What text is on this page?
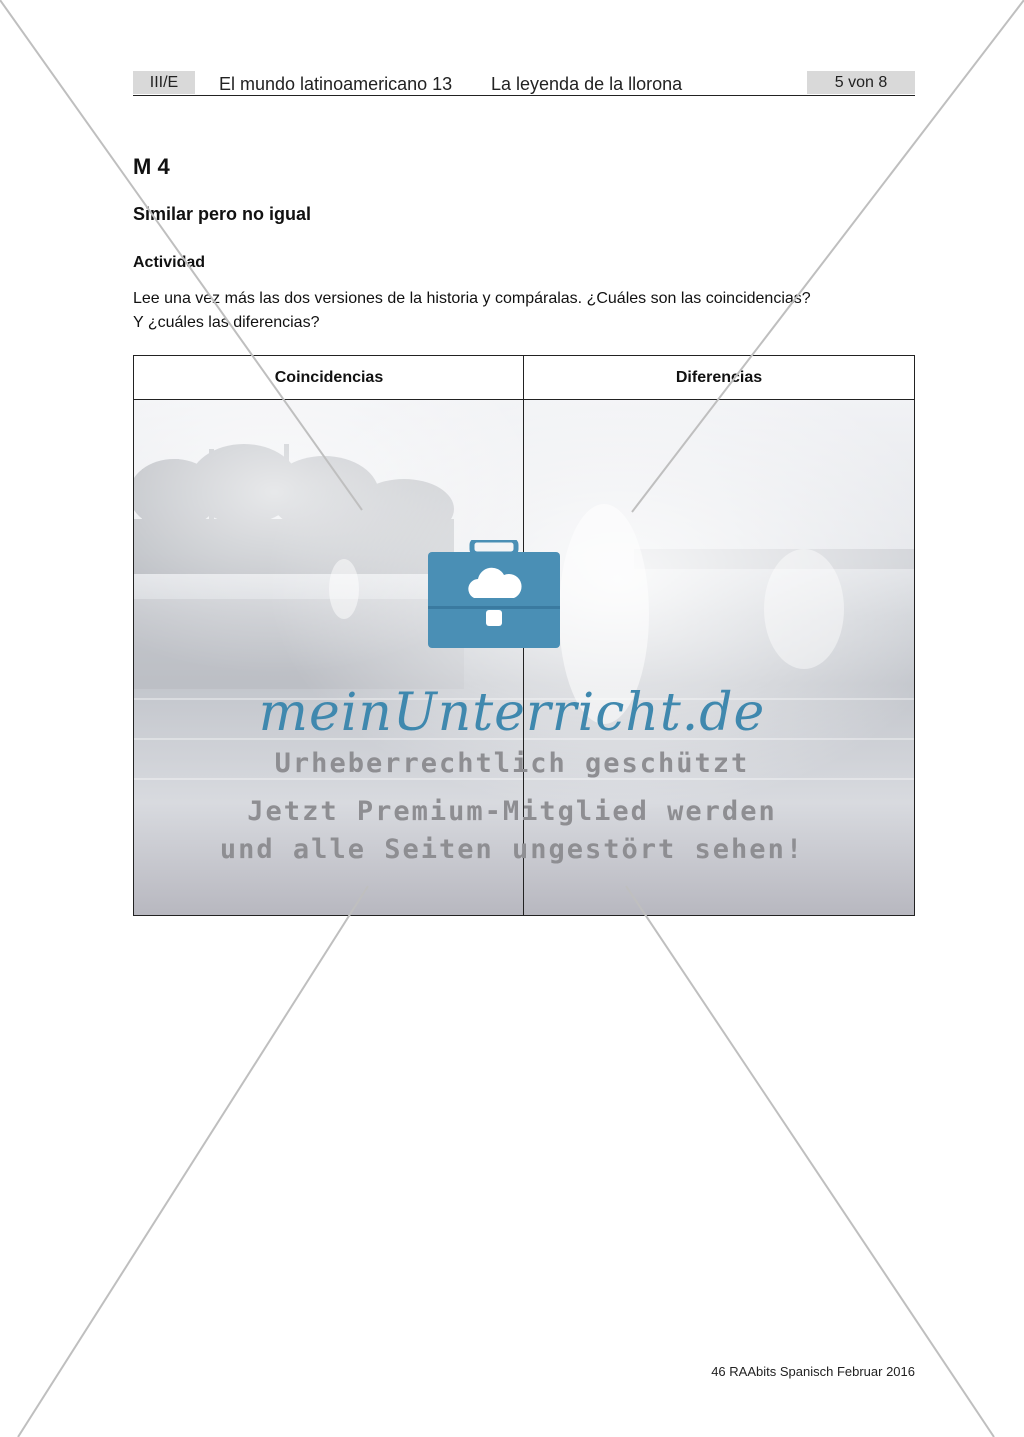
III/E	El mundo latinoamericano 13 La leyenda de la llorona	5 von 8
M 4
Similar pero no igual
Actividad
Lee una vez más las dos versiones de la historia y compáralas. ¿Cuáles son las coincidencias?
Y ¿cuáles las diferencias?
Coincidencias	Diferencias
meinUnterricht.de
Urheberrechtlich geschützt
Jetzt Premium-Mitglied werden
und alle Seiten ungestört sehen!
46 RAAbits Spanisch Februar 2016
